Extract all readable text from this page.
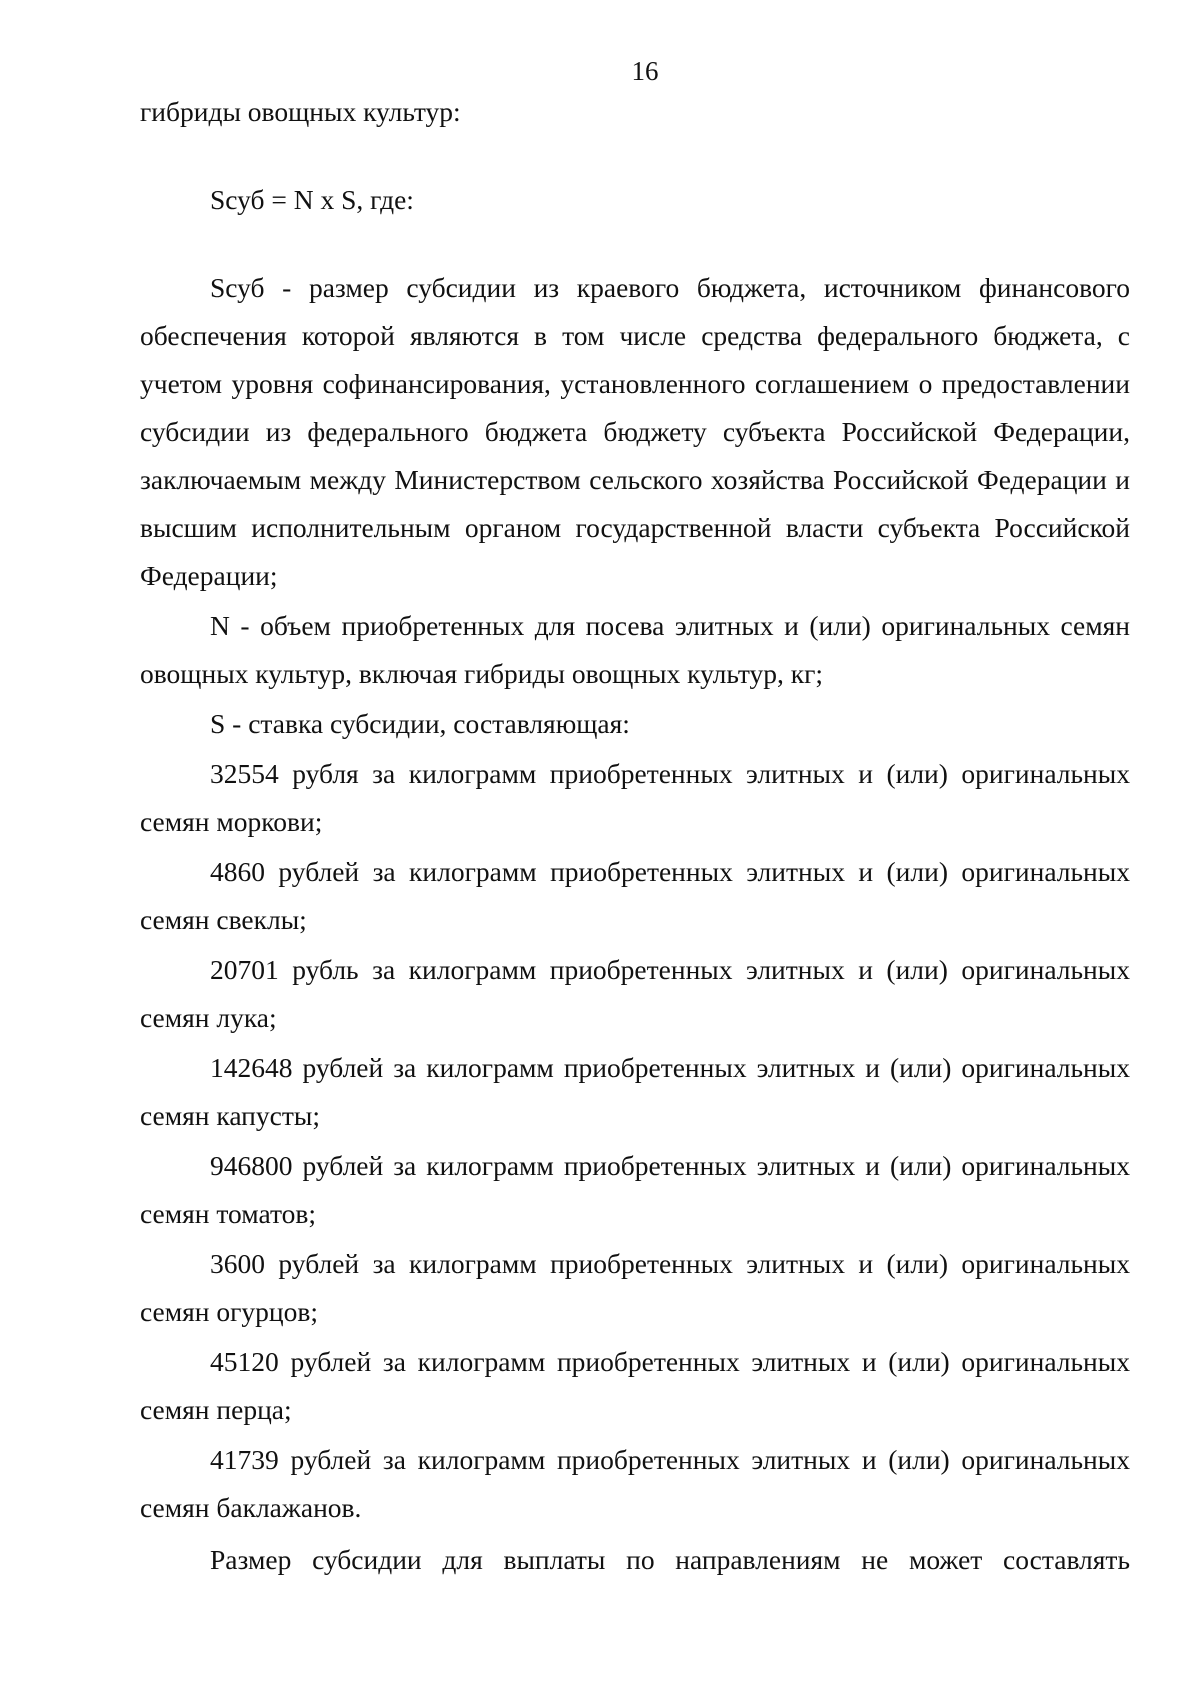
16

гибриды овощных культур:

Sсуб = N x S, где:

Sсуб - размер субсидии из краевого бюджета, источником финансового обеспечения которой являются в том числе средства федерального бюджета, с учетом уровня софинансирования, установленного соглашением о предоставлении субсидии из федерального бюджета бюджету субъекта Российской Федерации, заключаемым между Министерством сельского хозяйства Российской Федерации и высшим исполнительным органом государственной власти субъекта Российской Федерации;

N - объем приобретенных для посева элитных и (или) оригинальных семян овощных культур, включая гибриды овощных культур, кг;

S - ставка субсидии, составляющая:

32554 рубля за килограмм приобретенных элитных и (или) оригинальных семян моркови;

4860 рублей за килограмм приобретенных элитных и (или) оригинальных семян свеклы;

20701 рубль за килограмм приобретенных элитных и (или) оригинальных семян лука;

142648 рублей за килограмм приобретенных элитных и (или) оригинальных семян капусты;

946800 рублей за килограмм приобретенных элитных и (или) оригинальных семян томатов;

3600 рублей за килограмм приобретенных элитных и (или) оригинальных семян огурцов;

45120 рублей за килограмм приобретенных элитных и (или) оригинальных семян перца;

41739 рублей за килограмм приобретенных элитных и (или) оригинальных семян баклажанов.

Размер субсидии для выплаты по направлениям не может составлять
